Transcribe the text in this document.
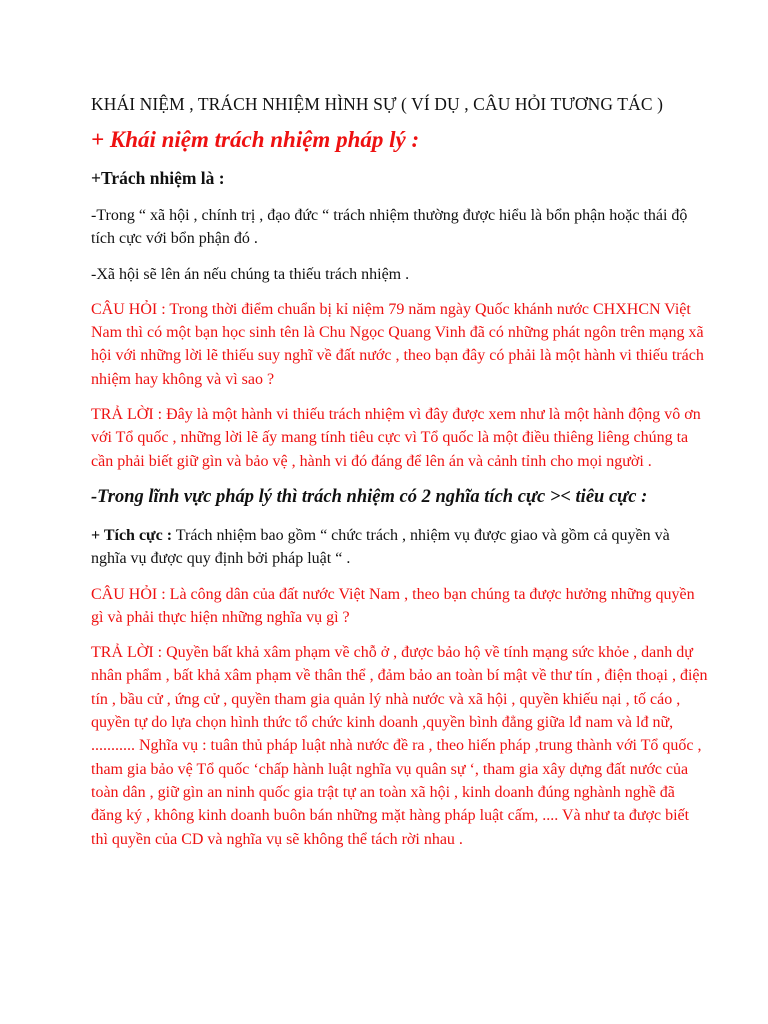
KHÁI NIỆM , TRÁCH NHIỆM HÌNH SỰ ( VÍ DỤ , CÂU HỎI TƯƠNG TÁC )
+ Khái niệm trách nhiệm pháp lý :
+Trách nhiệm là :
-Trong “ xã hội , chính trị , đạo đức “ trách nhiệm thường được hiểu là bổn phận hoặc thái độ tích cực với bổn phận đó .
-Xã hội sẽ lên án nếu chúng ta thiếu trách nhiệm .
CÂU HỎI : Trong thời điểm chuẩn bị kỉ niệm 79 năm ngày Quốc khánh nước CHXHCN Việt Nam thì có một bạn học sinh tên là Chu Ngọc Quang Vinh đã có những phát ngôn trên mạng xã hội với những lời lẽ thiếu suy nghĩ về đất nước , theo bạn đây có phải là một hành vi thiếu trách nhiệm hay không và vì sao ?
TRẢ LỜI : Đây là một hành vi thiếu trách nhiệm vì đây được xem như là một hành động vô ơn với Tổ quốc , những lời lẽ ấy mang tính tiêu cực vì Tổ quốc là một điều thiêng liêng chúng ta cần phải biết giữ gìn và bảo vệ , hành vi đó đáng để lên án và cảnh tỉnh cho mọi người .
-Trong lĩnh vực pháp lý thì trách nhiệm có 2 nghĩa tích cực >< tiêu cực :
+ Tích cực : Trách nhiệm bao gồm “ chức trách , nhiệm vụ được giao và gồm cả quyền và nghĩa vụ được quy định bởi pháp luật “ .
CÂU HỎI : Là công dân của đất nước Việt Nam , theo bạn chúng ta được hưởng những quyền gì và phải thực hiện những nghĩa vụ gì ?
TRẢ LỜI : Quyền bất khả xâm phạm về chỗ ở , được bảo hộ về tính mạng sức khỏe , danh dự nhân phẩm , bất khả xâm phạm về thân thể , đảm bảo an toàn bí mật về thư tín , điện thoại , điện tín , bầu cử , ứng cử , quyền tham gia quản lý nhà nước và xã hội , quyền khiếu nại , tố cáo , quyền tự do lựa chọn hình thức tổ chức kinh doanh ,quyền bình đẳng giữa lđ nam và lđ nữ, ........... Nghĩa vụ : tuân thủ pháp luật nhà nước đề ra , theo hiến pháp ,trung thành với Tổ quốc , tham gia bảo vệ Tổ quốc ‘chấp hành luật nghĩa vụ quân sự ‘, tham gia xây dựng đất nước của toàn dân , giữ gìn an ninh quốc gia trật tự an toàn xã hội , kinh doanh đúng nghành nghề đã đăng ký , không kinh doanh buôn bán những mặt hàng pháp luật cấm, .... Và như ta được biết thì quyền của CD và nghĩa vụ sẽ không thể tách rời nhau .
